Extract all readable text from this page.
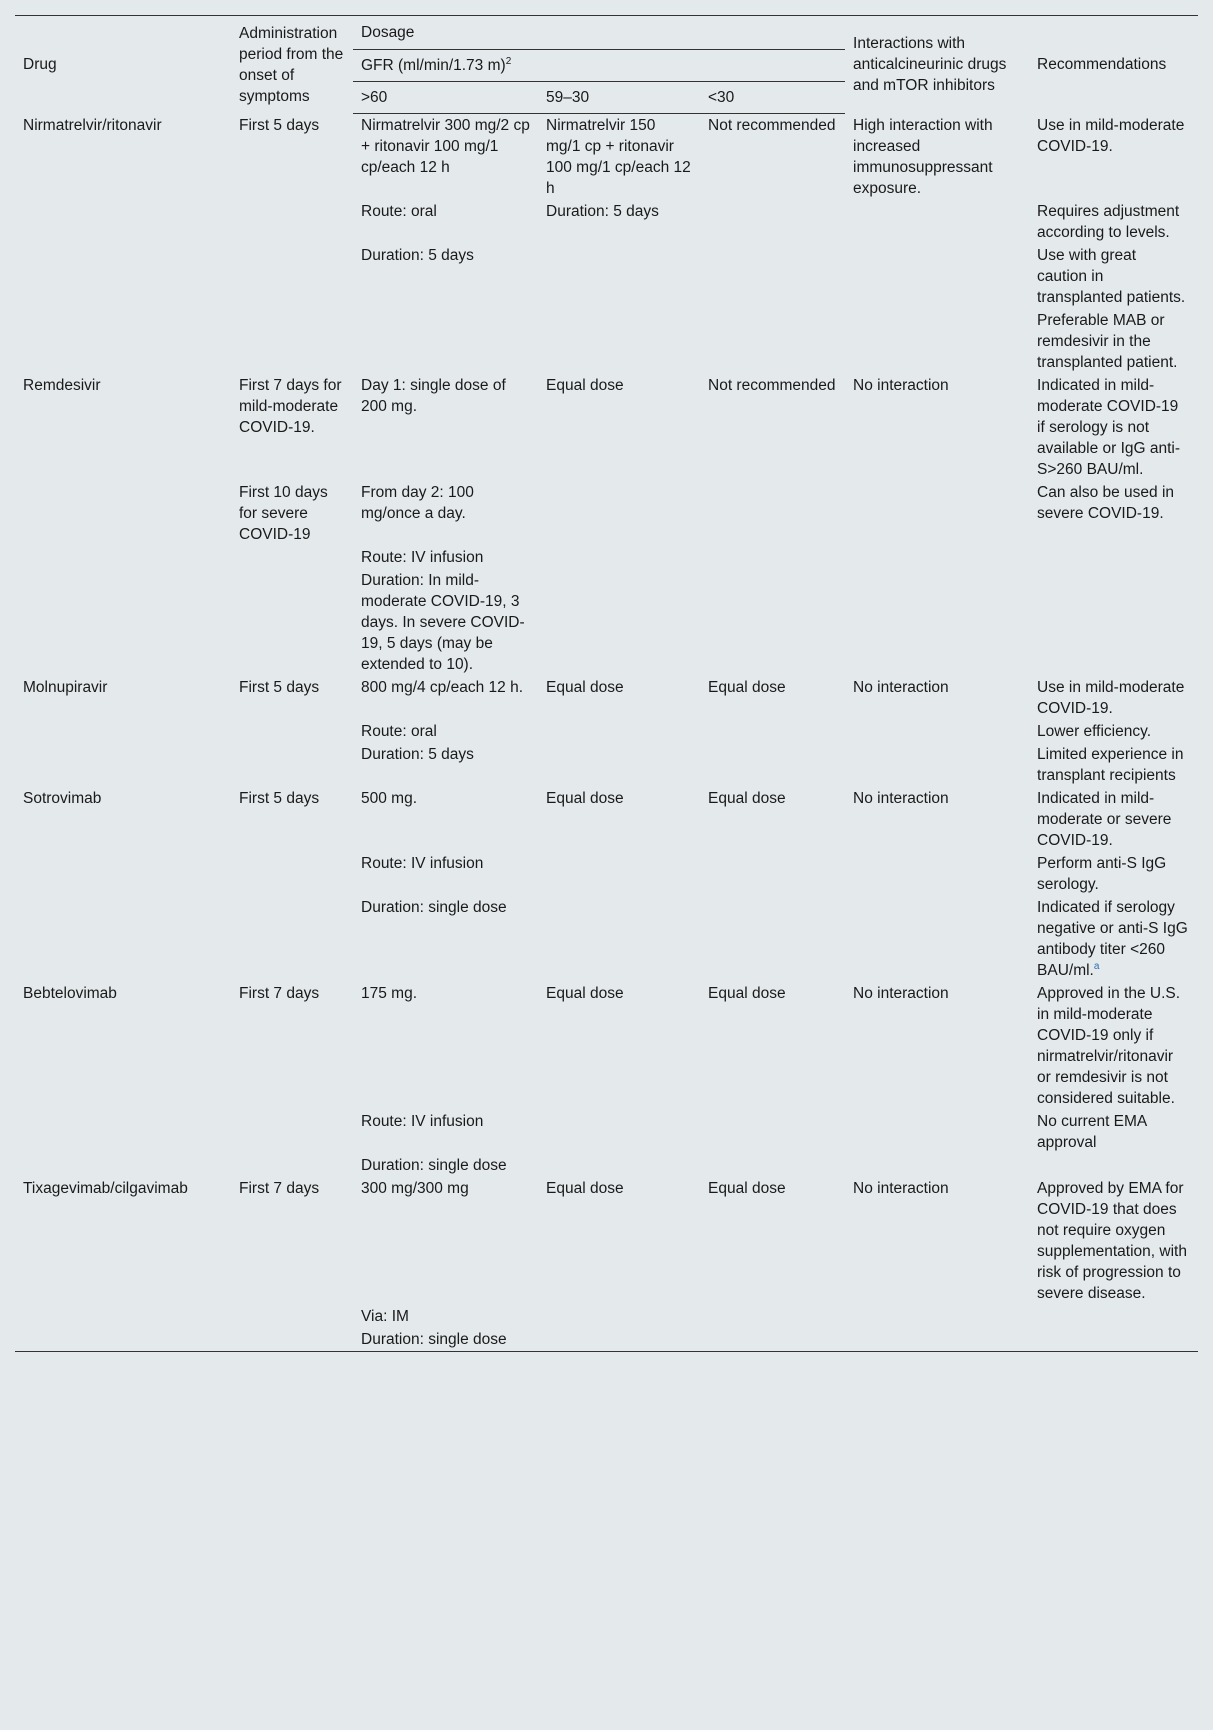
Drug	Administration period from the onset of symptoms	Dosage			Interactions with anticalcineurinic drugs and mTOR inhibitors	Recommendations
		GFR (ml/min/1.73 m)$^2$
		>60	59–30	<30		
Nirmatrelvir/ritonavir	First 5 days	Nirmatrelvir 300 mg/2 cp + ritonavir 100 mg/1 cp/each 12 h	Nirmatrelvir 150 mg/1 cp + ritonavir 100 mg/1 cp/each 12 h	Not recommended	High interaction with increased immunosuppressant exposure.	Use in mild-moderate COVID-19.
		Route: oral	Duration: 5 days			Requires adjustment according to levels.
		Duration: 5 days				Use with great caution in transplanted patients.
						Preferable MAB or remdesivir in the transplanted patient.
Remdesivir	First 7 days for mild-moderate COVID-19.	Day 1: single dose of 200 mg.	Equal dose	Not recommended	No interaction	Indicated in mild-moderate COVID-19 if serology is not available or IgG anti-S>260 BAU/ml.
	First 10 days for severe COVID-19	From day 2: 100 mg/once a day.				Can also be used in severe COVID-19.
		Route: IV infusion				
		Duration: In mild-moderate COVID-19, 3 days. In severe COVID-19, 5 days (may be extended to 10).				
Molnupiravir	First 5 days	800 mg/4 cp/each 12 h.	Equal dose	Equal dose	No interaction	Use in mild-moderate COVID-19.
		Route: oral				Lower efficiency.
		Duration: 5 days				Limited experience in transplant recipients
Sotrovimab	First 5 days	500 mg.	Equal dose	Equal dose	No interaction	Indicated in mild-moderate or severe COVID-19.
		Route: IV infusion				Perform anti-S IgG serology.
		Duration: single dose				Indicated if serology negative or anti-S IgG antibody titer <260 BAU/ml.$^a$
Bebtelovimab	First 7 days	175 mg.	Equal dose	Equal dose	No interaction	Approved in the U.S. in mild-moderate COVID-19 only if nirmatrelvir/ritonavir or remdesivir is not considered suitable.
		Route: IV infusion				No current EMA approval
		Duration: single dose				
Tixagevimab/cilgavimab	First 7 days	300 mg/300 mg	Equal dose	Equal dose	No interaction	Approved by EMA for COVID-19 that does not require oxygen supplementation, with risk of progression to severe disease.
		Via: IM				
		Duration: single dose				
